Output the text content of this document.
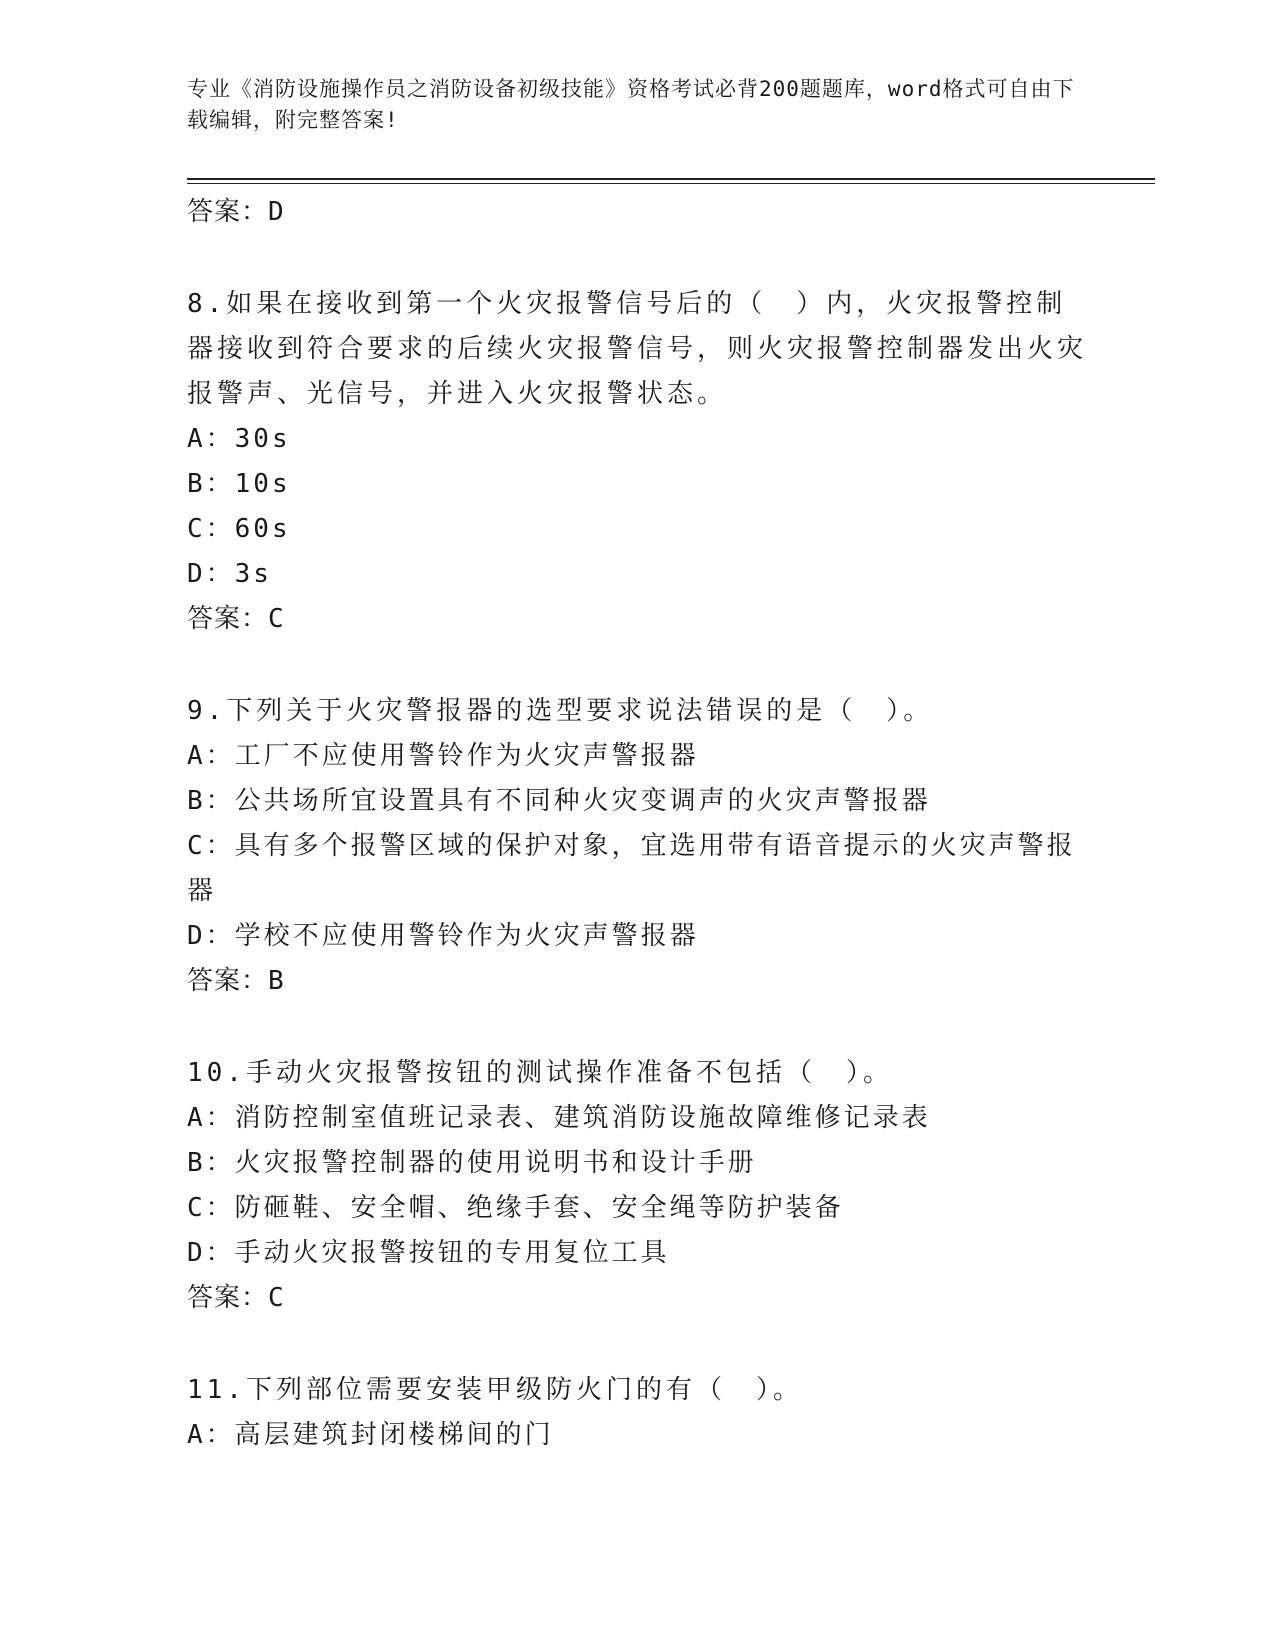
专业《消防设施操作员之消防设备初级技能》资格考试必背200题题库，word格式可自由下载编辑，附完整答案!
答案：D
8.如果在接收到第一个火灾报警信号后的（　）内，火灾报警控制器接收到符合要求的后续火灾报警信号，则火灾报警控制器发出火灾报警声、光信号，并进入火灾报警状态。
A：30s
B：10s
C：60s
D：3s
答案：C
9.下列关于火灾警报器的选型要求说法错误的是（　）。
A：工厂不应使用警铃作为火灾声警报器
B：公共场所宜设置具有不同种火灾变调声的火灾声警报器
C：具有多个报警区域的保护对象，宜选用带有语音提示的火灾声警报器
D：学校不应使用警铃作为火灾声警报器
答案：B
10.手动火灾报警按钮的测试操作准备不包括（　）。
A：消防控制室值班记录表、建筑消防设施故障维修记录表
B：火灾报警控制器的使用说明书和设计手册
C：防砸鞋、安全帽、绝缘手套、安全绳等防护装备
D：手动火灾报警按钮的专用复位工具
答案：C
11.下列部位需要安装甲级防火门的有（　）。
A：高层建筑封闭楼梯间的门
